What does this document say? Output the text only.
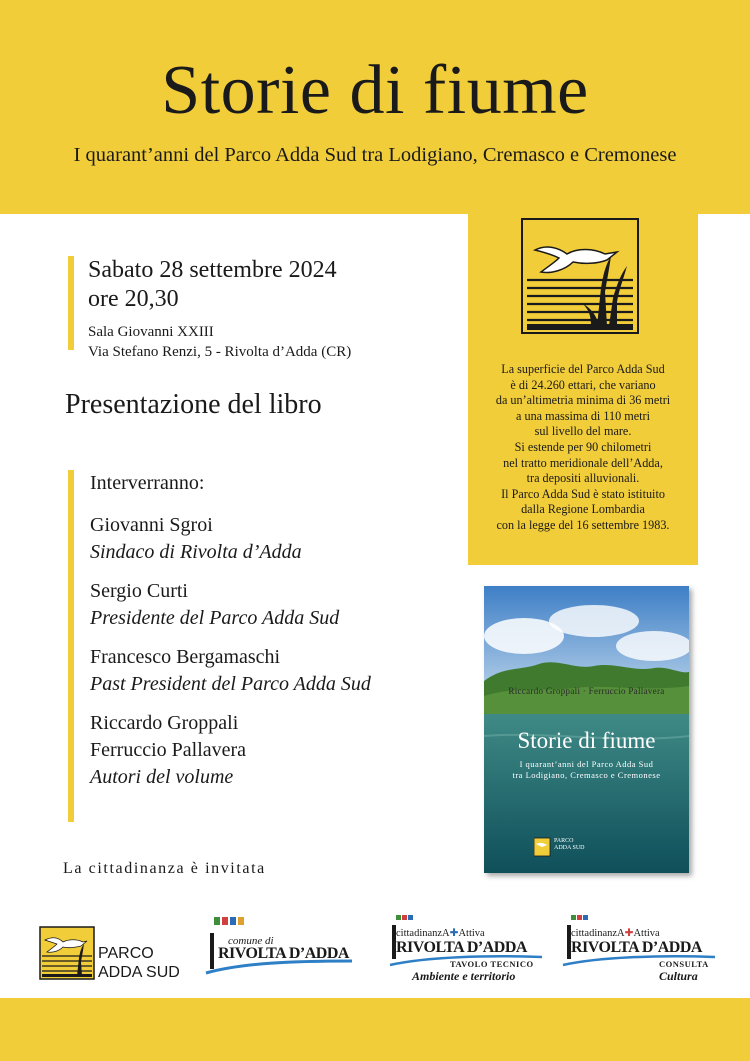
Storie di fiume
I quarant’anni del Parco Adda Sud tra Lodigiano, Cremasco e Cremonese
La superficie del Parco Adda Sud
è di 24.260 ettari, che variano
da un’altimetria minima di 36 metri
a una massima di 110 metri
sul livello del mare.
Si estende per 90 chilometri
nel tratto meridionale dell’Adda,
tra depositi alluvionali.
Il Parco Adda Sud è stato istituito
dalla Regione Lombardia
con la legge del 16 settembre 1983.
Sabato 28 settembre 2024
ore 20,30
Sala Giovanni XXIII
Via Stefano Renzi, 5 - Rivolta d’Adda (CR)
Presentazione del libro
Interverranno:
Giovanni Sgroi
Sindaco di Rivolta d’Adda
Sergio Curti
Presidente del Parco Adda Sud
Francesco Bergamaschi
Past President del Parco Adda Sud
Riccardo Groppali
Ferruccio Pallavera
Autori del volume
La cittadinanza è invitata
Riccardo Groppali · Ferruccio Pallavera
Storie di fiume
I quarant’anni del Parco Adda Sud
tra Lodigiano, Cremasco e Cremonese
PARCO
ADDA SUD
PARCO
ADDA SUD
comune di
RIVOLTA D’ADDA
cittadinanzA✚Attiva
RIVOLTA D’ADDA
TAVOLO TECNICO
Ambiente e territorio
cittadinanzA✚Attiva
RIVOLTA D’ADDA
CONSULTA
Cultura
